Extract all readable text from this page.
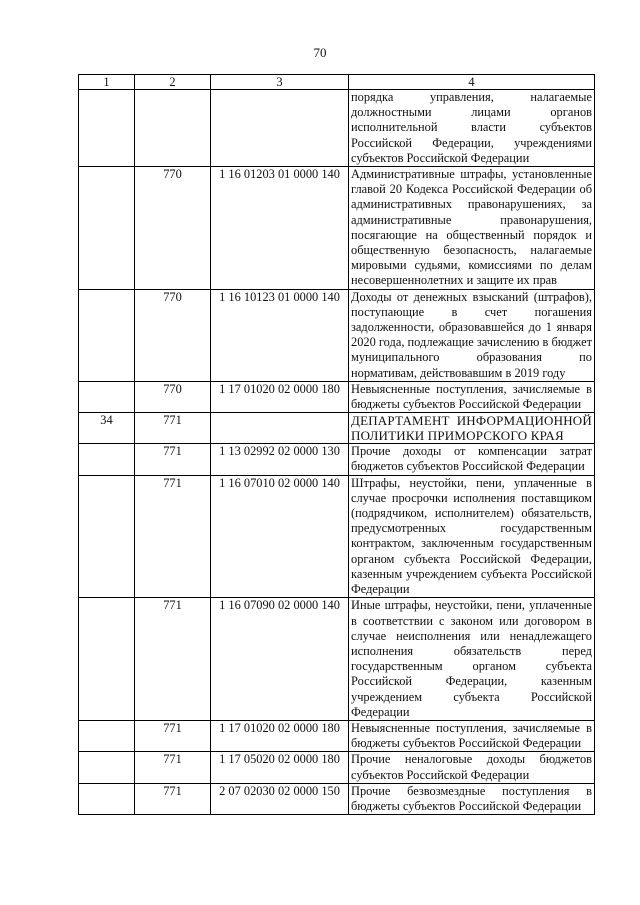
70
1	2	3	4
			порядка управления, налагаемые должностными лицами органов исполнительной власти субъектов Российской Федерации, учреждениями субъектов Российской Федерации
	770	1 16 01203 01 0000 140	Административные штрафы, установленные главой 20 Кодекса Российской Федерации об административных правонарушениях, за административные правонарушения, посягающие на общественный порядок и общественную безопасность, налагаемые мировыми судьями, комиссиями по делам несовершеннолетних и защите их прав
	770	1 16 10123 01 0000 140	Доходы от денежных взысканий (штрафов), поступающие в счет погашения задолженности, образовавшейся до 1 января 2020 года, подлежащие зачислению в бюджет муниципального образования по нормативам, действовавшим в 2019 году
	770	1 17 01020 02 0000 180	Невыясненные поступления, зачисляемые в бюджеты субъектов Российской Федерации
34	771		ДЕПАРТАМЕНТ ИНФОРМАЦИОННОЙ ПОЛИТИКИ ПРИМОРСКОГО КРАЯ
	771	1 13 02992 02 0000 130	Прочие доходы от компенсации затрат бюджетов субъектов Российской Федерации
	771	1 16 07010 02 0000 140	Штрафы, неустойки, пени, уплаченные в случае просрочки исполнения поставщиком (подрядчиком, исполнителем) обязательств, предусмотренных государственным контрактом, заключенным государственным органом субъекта Российской Федерации, казенным учреждением субъекта Российской Федерации
	771	1 16 07090 02 0000 140	Иные штрафы, неустойки, пени, уплаченные в соответствии с законом или договором в случае неисполнения или ненадлежащего исполнения обязательств перед государственным органом субъекта Российской Федерации, казенным учреждением субъекта Российской Федерации
	771	1 17 01020 02 0000 180	Невыясненные поступления, зачисляемые в бюджеты субъектов Российской Федерации
	771	1 17 05020 02 0000 180	Прочие неналоговые доходы бюджетов субъектов Российской Федерации
	771	2 07 02030 02 0000 150	Прочие безвозмездные поступления в бюджеты субъектов Российской Федерации
